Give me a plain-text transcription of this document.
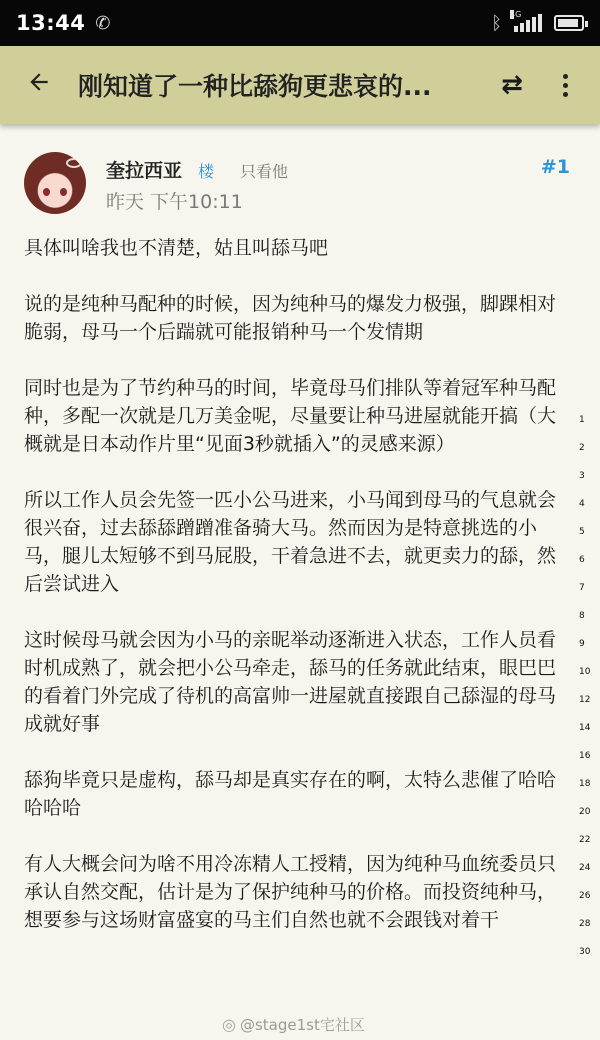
13:44 ✆	ᛒ 4G
刚知道了一种比舔狗更悲哀的...	⇄
奎拉西亚 楼 只看他	#1
昨天 下午10:11

具体叫啥我也不清楚，姑且叫舔马吧

说的是纯种马配种的时候，因为纯种马的爆发力极强，脚踝相对脆弱，母马一个后踹就可能报销种马一个发情期

同时也是为了节约种马的时间，毕竟母马们排队等着冠军种马配种，多配一次就是几万美金呢，尽量要让种马进屋就能开搞（大概就是日本动作片里“见面3秒就插入”的灵感来源）

所以工作人员会先签一匹小公马进来，小马闻到母马的气息就会很兴奋，过去舔舔蹭蹭准备骑大马。然而因为是特意挑选的小马，腿儿太短够不到马屁股，干着急进不去，就更卖力的舔，然后尝试进入

这时候母马就会因为小马的亲昵举动逐渐进入状态，工作人员看时机成熟了，就会把小公马牵走，舔马的任务就此结束，眼巴巴的看着门外完成了待机的高富帅一进屋就直接跟自己舔湿的母马成就好事

舔狗毕竟只是虚构，舔马却是真实存在的啊，太特么悲催了哈哈哈哈哈

有人大概会问为啥不用冷冻精人工授精，因为纯种马血统委员只承认自然交配，估计是为了保护纯种马的价格。而投资纯种马，想要参与这场财富盛宴的马主们自然也就不会跟钱对着干

1
2
3
4
5
6
7
8
9
10
12
14
16
18
20
22
24
26
28
30
◎ @stage1st宅社区
